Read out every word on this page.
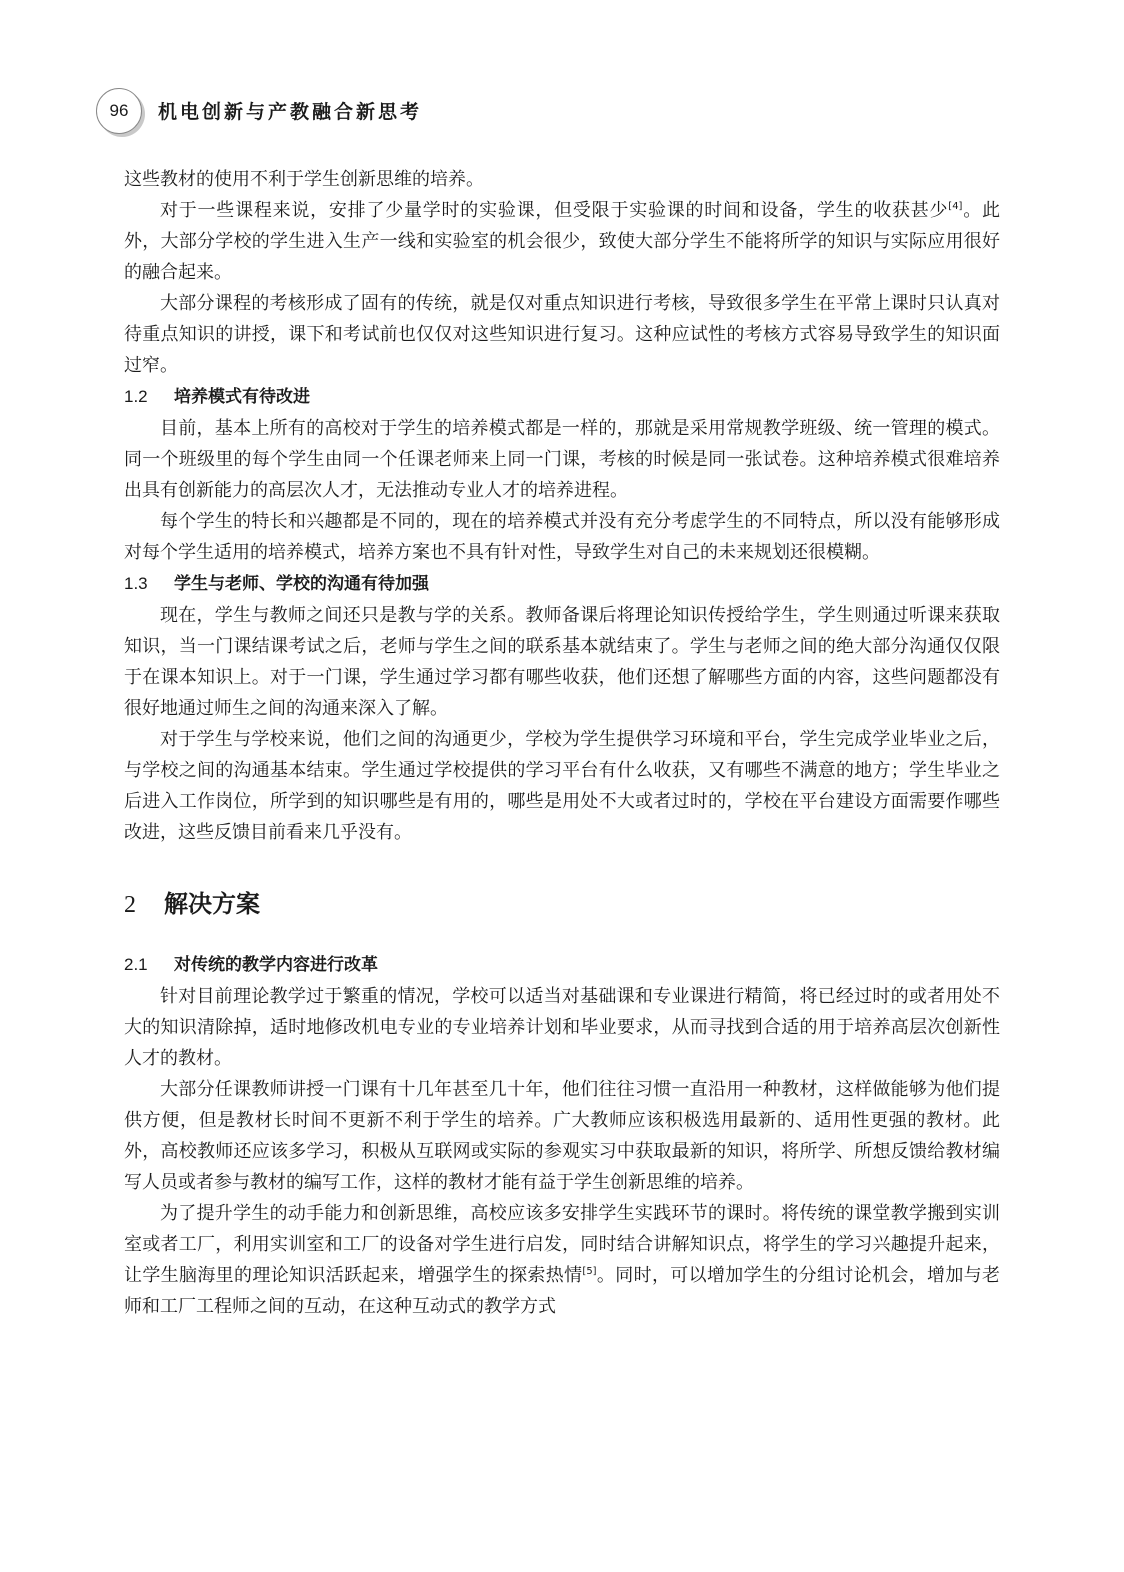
96 机电创新与产教融合新思考

这些教材的使用不利于学生创新思维的培养。

对于一些课程来说，安排了少量学时的实验课，但受限于实验课的时间和设备，学生的收获甚少[4]。此外，大部分学校的学生进入生产一线和实验室的机会很少，致使大部分学生不能将所学的知识与实际应用很好的融合起来。

大部分课程的考核形成了固有的传统，就是仅对重点知识进行考核，导致很多学生在平常上课时只认真对待重点知识的讲授，课下和考试前也仅仅对这些知识进行复习。这种应试性的考核方式容易导致学生的知识面过窄。

1.2 培养模式有待改进

目前，基本上所有的高校对于学生的培养模式都是一样的，那就是采用常规教学班级、统一管理的模式。同一个班级里的每个学生由同一个任课老师来上同一门课，考核的时候是同一张试卷。这种培养模式很难培养出具有创新能力的高层次人才，无法推动专业人才的培养进程。

每个学生的特长和兴趣都是不同的，现在的培养模式并没有充分考虑学生的不同特点，所以没有能够形成对每个学生适用的培养模式，培养方案也不具有针对性，导致学生对自己的未来规划还很模糊。

1.3 学生与老师、学校的沟通有待加强

现在，学生与教师之间还只是教与学的关系。教师备课后将理论知识传授给学生，学生则通过听课来获取知识，当一门课结课考试之后，老师与学生之间的联系基本就结束了。学生与老师之间的绝大部分沟通仅仅限于在课本知识上。对于一门课，学生通过学习都有哪些收获，他们还想了解哪些方面的内容，这些问题都没有很好地通过师生之间的沟通来深入了解。

对于学生与学校来说，他们之间的沟通更少，学校为学生提供学习环境和平台，学生完成学业毕业之后，与学校之间的沟通基本结束。学生通过学校提供的学习平台有什么收获，又有哪些不满意的地方；学生毕业之后进入工作岗位，所学到的知识哪些是有用的，哪些是用处不大或者过时的，学校在平台建设方面需要作哪些改进，这些反馈目前看来几乎没有。

2 解决方案
2.1 对传统的教学内容进行改革

针对目前理论教学过于繁重的情况，学校可以适当对基础课和专业课进行精简，将已经过时的或者用处不大的知识清除掉，适时地修改机电专业的专业培养计划和毕业要求，从而寻找到合适的用于培养高层次创新性人才的教材。

大部分任课教师讲授一门课有十几年甚至几十年，他们往往习惯一直沿用一种教材，这样做能够为他们提供方便，但是教材长时间不更新不利于学生的培养。广大教师应该积极选用最新的、适用性更强的教材。此外，高校教师还应该多学习，积极从互联网或实际的参观实习中获取最新的知识，将所学、所想反馈给教材编写人员或者参与教材的编写工作，这样的教材才能有益于学生创新思维的培养。

为了提升学生的动手能力和创新思维，高校应该多安排学生实践环节的课时。将传统的课堂教学搬到实训室或者工厂，利用实训室和工厂的设备对学生进行启发，同时结合讲解知识点，将学生的学习兴趣提升起来，让学生脑海里的理论知识活跃起来，增强学生的探索热情[5]。同时，可以增加学生的分组讨论机会，增加与老师和工厂工程师之间的互动，在这种互动式的教学方式
